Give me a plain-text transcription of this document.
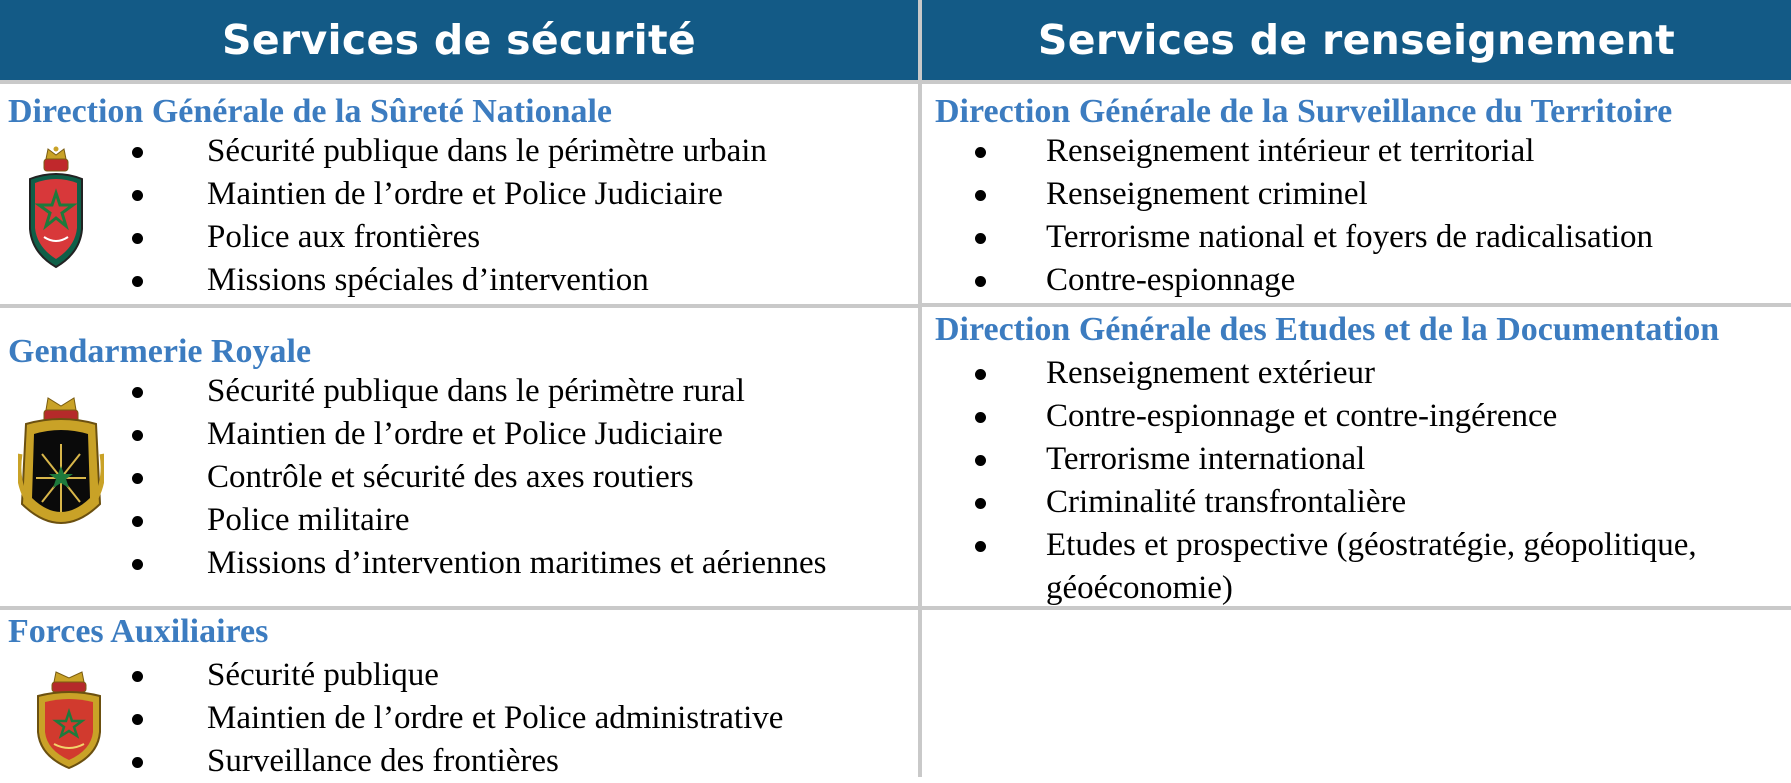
Services de sécurité	Services de renseignement
Direction Générale de la Sûreté Nationale
Sécurité publique dans le périmètre urbain
Maintien de l’ordre et Police Judiciaire
Police aux frontières
Missions spéciales d’intervention
Gendarmerie Royale
Sécurité publique dans le périmètre rural
Maintien de l’ordre et Police Judiciaire
Contrôle et sécurité des axes routiers
Police militaire
Missions d’intervention maritimes et aériennes
Forces Auxiliaires
Sécurité publique
Maintien de l’ordre et Police administrative
Surveillance des frontières
Direction Générale de la Surveillance du Territoire
Renseignement intérieur et territorial
Renseignement criminel
Terrorisme national et foyers de radicalisation
Contre-espionnage
Direction Générale des Etudes et de la Documentation
Renseignement extérieur
Contre-espionnage et contre-ingérence
Terrorisme international
Criminalité transfrontalière
Etudes et prospective (géostratégie, géopolitique, géoéconomie)
